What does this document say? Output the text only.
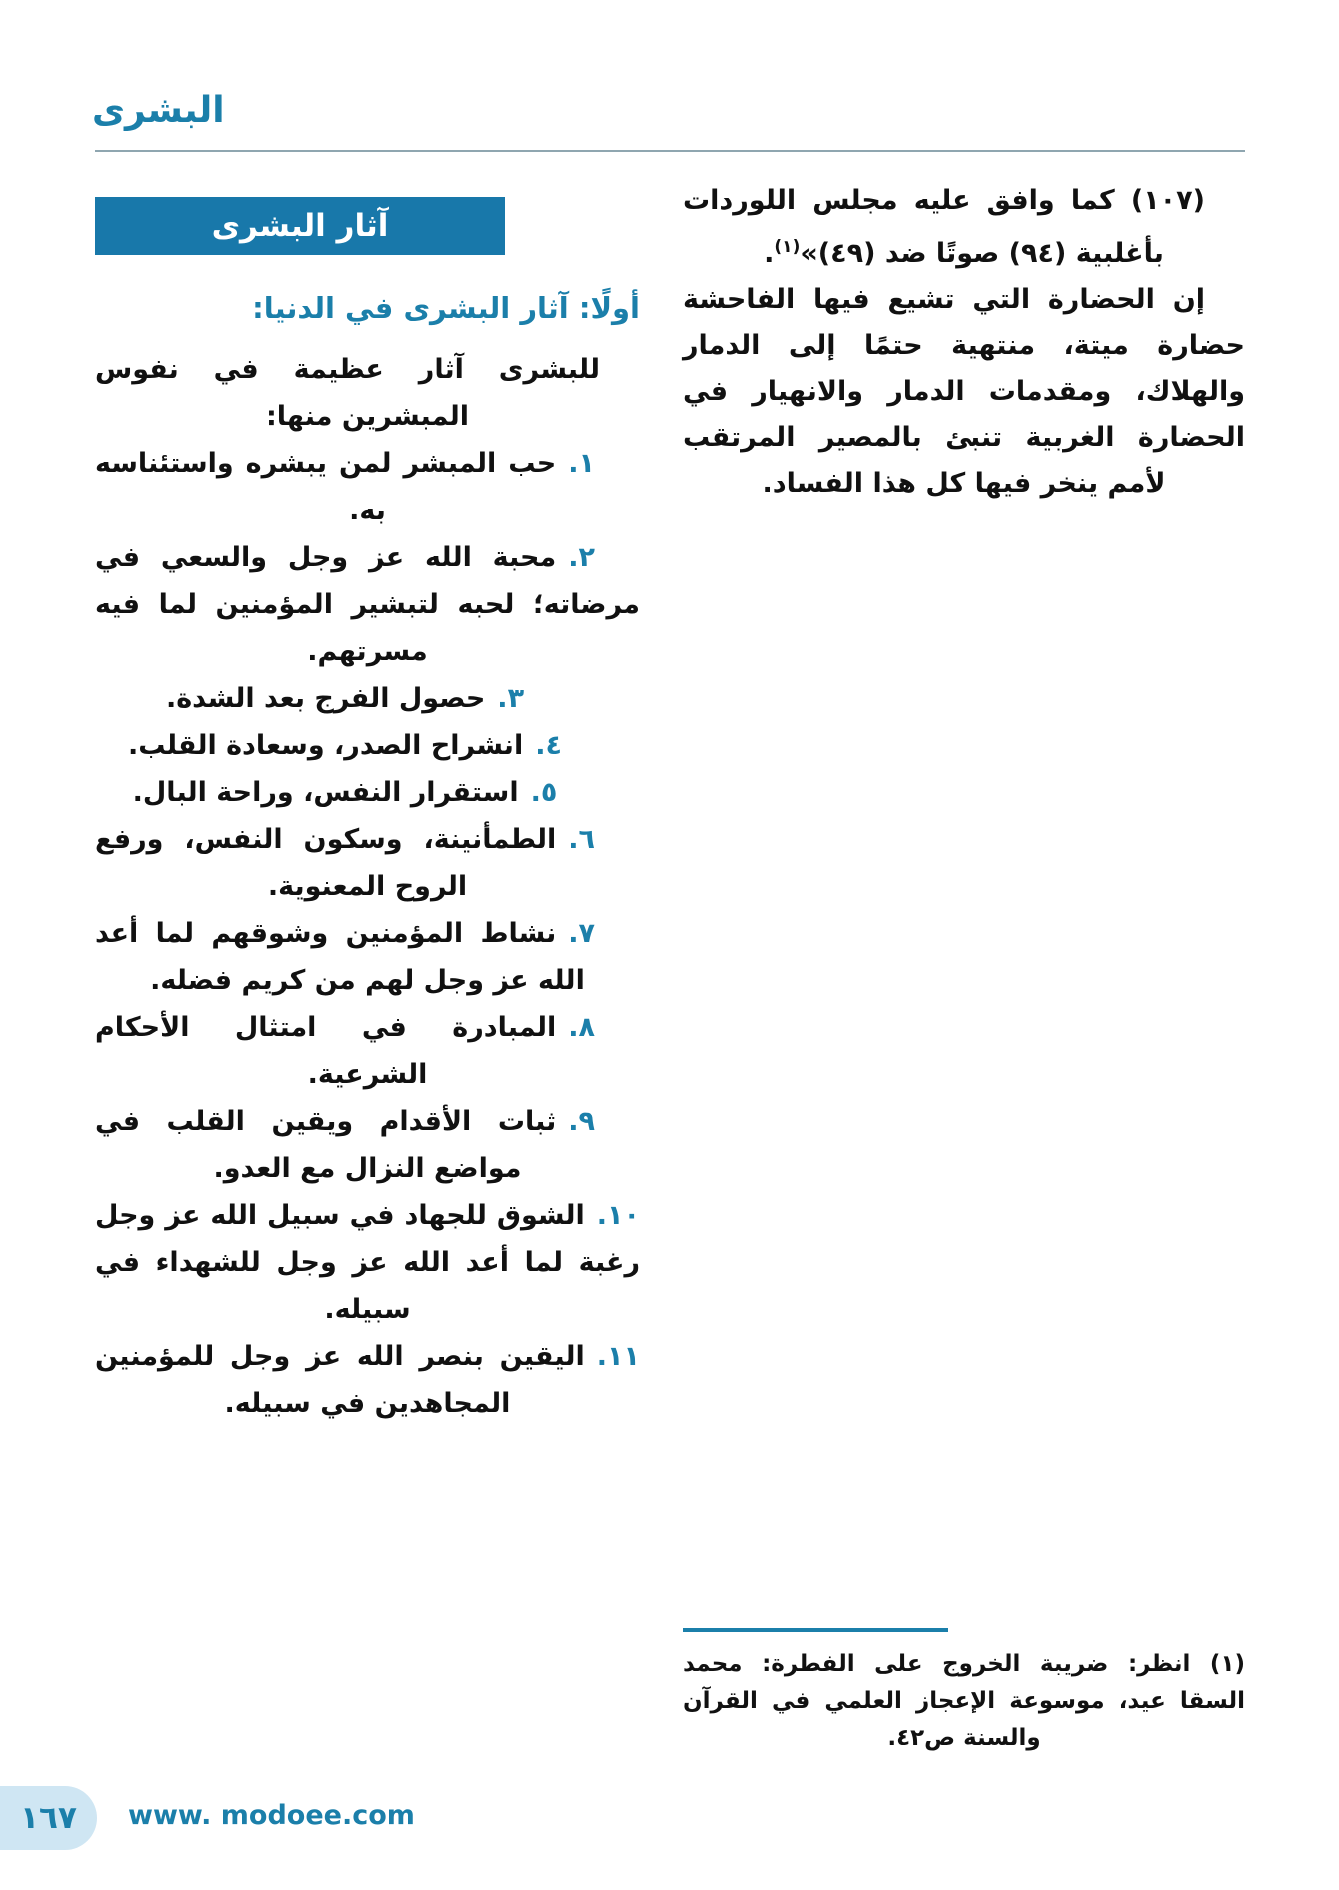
البشرى

(١٠٧) كما وافق عليه مجلس اللوردات بأغلبية (٩٤) صوتًا ضد (٤٩)»$^{(١)}$.

إن الحضارة التي تشيع فيها الفاحشة حضارة ميتة، منتهية حتمًا إلى الدمار والهلاك، ومقدمات الدمار والانهيار في الحضارة الغربية تنبئ بالمصير المرتقب لأمم ينخر فيها كل هذا الفساد.

آثار البشرى

أولًا: آثار البشرى في الدنيا:

للبشرى آثار عظيمة في نفوس المبشرين منها:

١.حب المبشر لمن يبشره واستئناسه به.

٢.محبة الله عز وجل والسعي في مرضاته؛ لحبه لتبشير المؤمنين لما فيه مسرتهم.

٣.حصول الفرج بعد الشدة.

٤.انشراح الصدر، وسعادة القلب.

٥.استقرار النفس، وراحة البال.

٦.الطمأنينة، وسكون النفس، ورفع الروح المعنوية.

٧.نشاط المؤمنين وشوقهم لما أعد الله عز وجل لهم من كريم فضله.

٨.المبادرة في امتثال الأحكام الشرعية.

٩.ثبات الأقدام ويقين القلب في مواضع النزال مع العدو.

١٠.الشوق للجهاد في سبيل الله عز وجل رغبة لما أعد الله عز وجل للشهداء في سبيله.

١١.اليقين بنصر الله عز وجل للمؤمنين المجاهدين في سبيله.

(١) انظر: ضريبة الخروج على الفطرة: محمد السقا عيد، موسوعة الإعجاز العلمي في القرآن والسنة ص٤٢.

١٦٧ www. modoee.com
